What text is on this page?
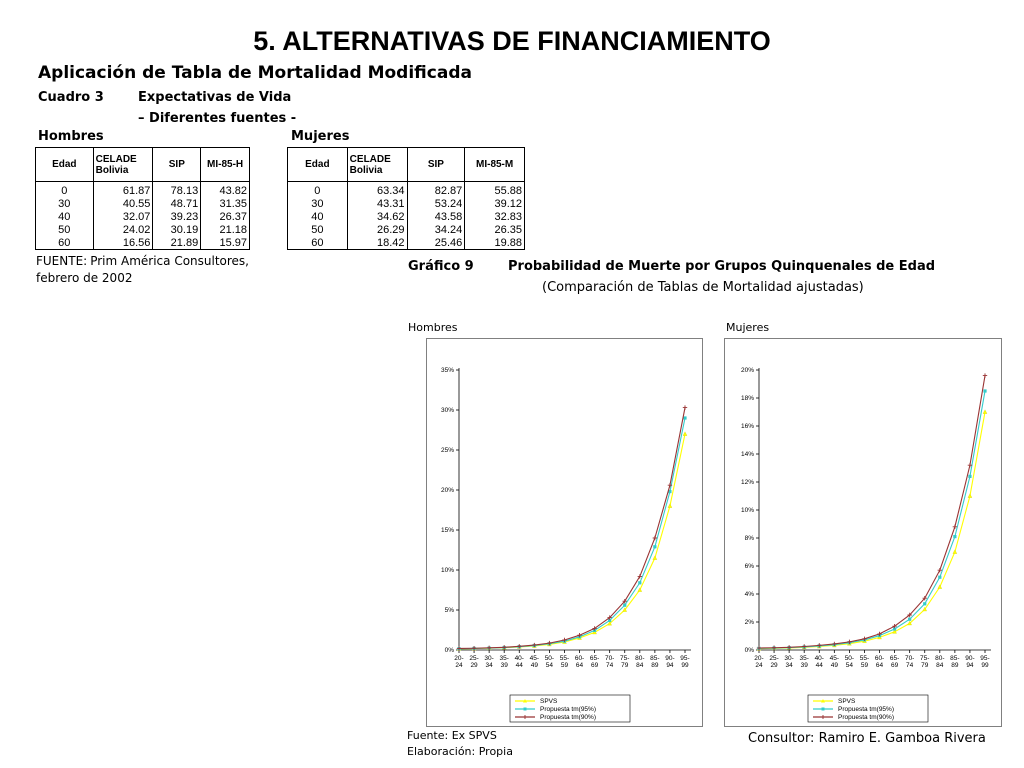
5. ALTERNATIVAS DE FINANCIAMIENTO
Aplicación de Tabla de Mortalidad Modificada
Cuadro 3	Expectativas de Vida
– Diferentes fuentes -
Hombres	Mujeres
Edad	CELADE Bolivia	SIP	MI-85-H
0	61.87	78.13	43.82
30	40.55	48.71	31.35
40	32.07	39.23	26.37
50	24.02	30.19	21.18
60	16.56	21.89	15.97
Edad	CELADE Bolivia	SIP	MI-85-M
0	63.34	82.87	55.88
30	43.31	53.24	39.12
40	34.62	43.58	32.83
50	26.29	34.24	26.35
60	18.42	25.46	19.88
FUENTE: Prim América Consultores,
febrero de 2002
Gráfico 9	Probabilidad de Muerte por Grupos Quinquenales de Edad
(Comparación de Tablas de Mortalidad ajustadas)
Hombres	Mujeres
0%
5%
10%
15%
20%
25%
30%
35%
20-24
25-29
30-34
35-39
40-44
45-49
50-54
55-59
60-64
65-69
70-74
75-79
80-84
85-89
90-94
95-99
SPVS
Propuesta tm(95%)
Propuesta tm(90%)
0%
2%
4%
6%
8%
10%
12%
14%
16%
18%
20%
20-24
25-29
30-34
35-39
40-44
45-49
50-54
55-59
60-64
65-69
70-74
75-79
80-84
85-89
90-94
95-99
SPVS
Propuesta tm(95%)
Propuesta tm(90%)
Fuente: Ex SPVS
Elaboración: Propia
Consultor: Ramiro E. Gamboa Rivera
